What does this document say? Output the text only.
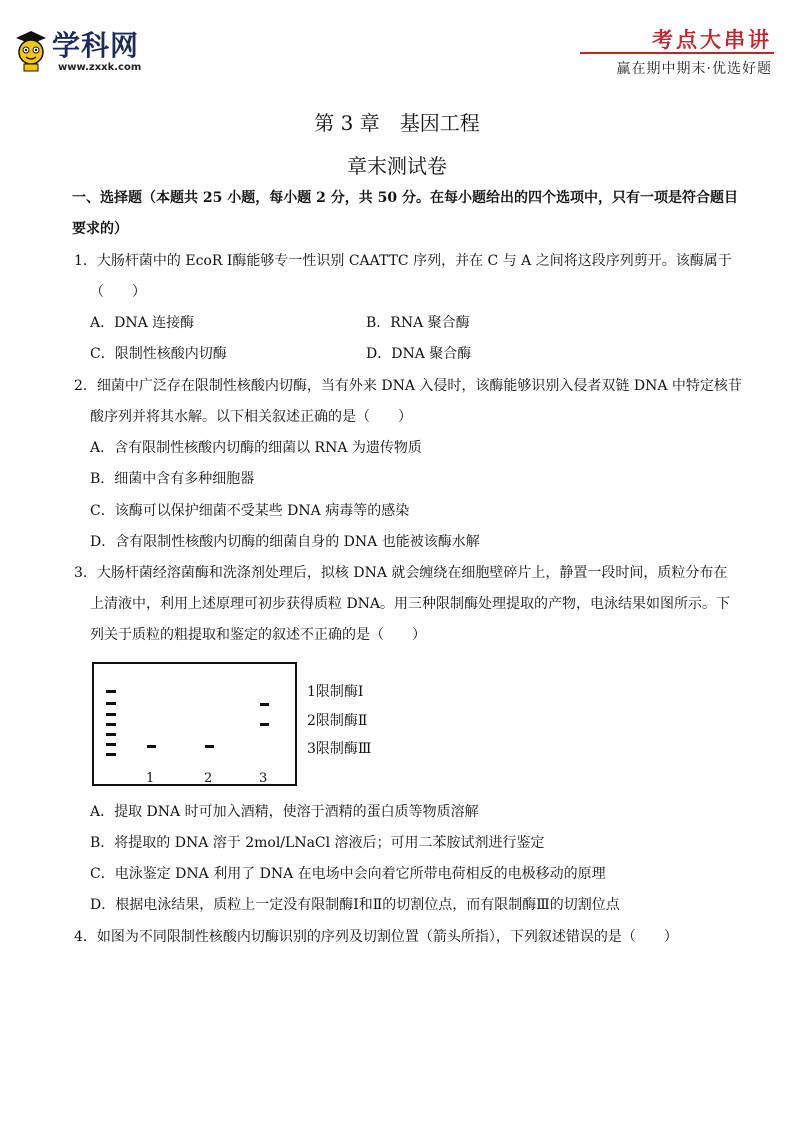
学科网
www.zxxk.com
考点大串讲
赢在期中期末·优选好题
第 3 章　基因工程
章末测试卷
一、选择题（本题共 25 小题，每小题 2 分，共 50 分。在每小题给出的四个选项中，只有一项是符合题目
要求的）
1．大肠杆菌中的 EcoR Ⅰ酶能够专一性识别 CAATTC 序列，并在 C 与 A 之间将这段序列剪开。该酶属于
（　　）
A．DNA 连接酶	B．RNA 聚合酶
C．限制性核酸内切酶	D．DNA 聚合酶
2．细菌中广泛存在限制性核酸内切酶，当有外来 DNA 入侵时，该酶能够识别入侵者双链 DNA 中特定核苷
酸序列并将其水解。以下相关叙述正确的是（　　）
A．含有限制性核酸内切酶的细菌以 RNA 为遗传物质
B．细菌中含有多种细胞器
C．该酶可以保护细菌不受某些 DNA 病毒等的感染
D．含有限制性核酸内切酶的细菌自身的 DNA 也能被该酶水解
3．大肠杆菌经溶菌酶和洗涤剂处理后，拟核 DNA 就会缠绕在细胞壁碎片上，静置一段时间，质粒分布在
上清液中，利用上述原理可初步获得质粒 DNA。用三种限制酶处理提取的产物，电泳结果如图所示。下
列关于质粒的粗提取和鉴定的叙述不正确的是（　　）
1	2	3
1限制酶Ⅰ
2限制酶Ⅱ
3限制酶Ⅲ
A．提取 DNA 时可加入酒精，使溶于酒精的蛋白质等物质溶解
B．将提取的 DNA 溶于 2mol/LNaCl 溶液后；可用二苯胺试剂进行鉴定
C．电泳鉴定 DNA 利用了 DNA 在电场中会向着它所带电荷相反的电极移动的原理
D．根据电泳结果，质粒上一定没有限制酶Ⅰ和Ⅱ的切割位点，而有限制酶Ⅲ的切割位点
4．如图为不同限制性核酸内切酶识别的序列及切割位置（箭头所指），下列叙述错误的是（　　）
